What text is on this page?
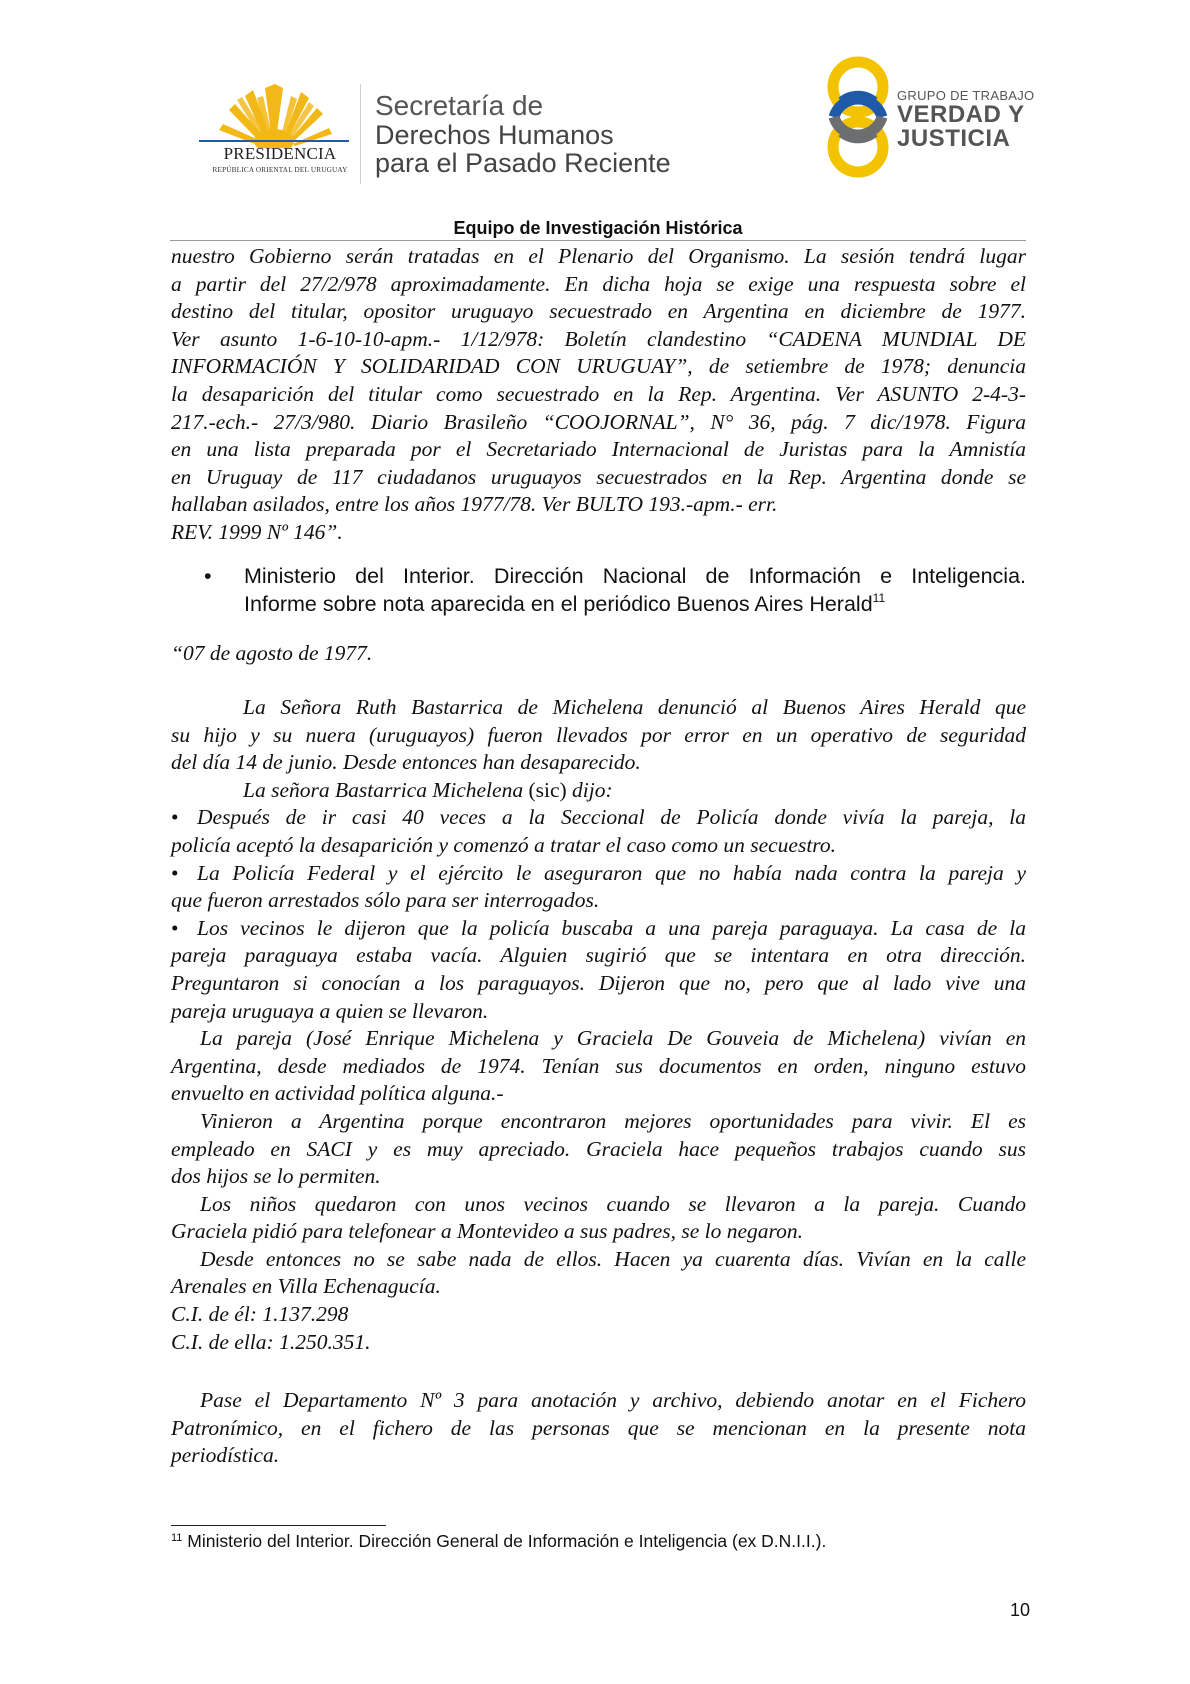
PRESIDENCIA
REPÚBLICA ORIENTAL DEL URUGUAY
Secretaría de
Derechos Humanos
para el Pasado Reciente
GRUPO DE TRABAJO
VERDAD Y
JUSTICIA
Equipo de Investigación Histórica
nuestro Gobierno serán tratadas en el Plenario del Organismo. La sesión tendrá lugar
a partir del 27/2/978 aproximadamente. En dicha hoja se exige una respuesta sobre el
destino del titular, opositor uruguayo secuestrado en Argentina en diciembre de 1977.
Ver asunto 1-6-10-10-apm.- 1/12/978: Boletín clandestino “CADENA MUNDIAL DE
INFORMACIÓN Y SOLIDARIDAD CON URUGUAY”, de setiembre de 1978; denuncia
la desaparición del titular como secuestrado en la Rep. Argentina. Ver ASUNTO 2-4-3-
217.-ech.- 27/3/980. Diario Brasileño “COOJORNAL”, N° 36, pág. 7 dic/1978. Figura
en una lista preparada por el Secretariado Internacional de Juristas para la Amnistía
en Uruguay de 117 ciudadanos uruguayos secuestrados en la Rep. Argentina donde se
hallaban asilados, entre los años 1977/78. Ver BULTO 193.-apm.- err.
REV. 1999 Nº 146”.
• Ministerio del Interior. Dirección Nacional de Información e Inteligencia.
Informe sobre nota aparecida en el periódico Buenos Aires Herald$^{11}$
“07 de agosto de 1977.
La Señora Ruth Bastarrica de Michelena denunció al Buenos Aires Herald que
su hijo y su nuera (uruguayos) fueron llevados por error en un operativo de seguridad
del día 14 de junio. Desde entonces han desaparecido.
La señora Bastarrica Michelena (sic) dijo:
• Después de ir casi 40 veces a la Seccional de Policía donde vivía la pareja, la
policía aceptó la desaparición y comenzó a tratar el caso como un secuestro.
• La Policía Federal y el ejército le aseguraron que no había nada contra la pareja y
que fueron arrestados sólo para ser interrogados.
• Los vecinos le dijeron que la policía buscaba a una pareja paraguaya. La casa de la
pareja paraguaya estaba vacía. Alguien sugirió que se intentara en otra dirección.
Preguntaron si conocían a los paraguayos. Dijeron que no, pero que al lado vive una
pareja uruguaya a quien se llevaron.
La pareja (José Enrique Michelena y Graciela De Gouveia de Michelena) vivían en
Argentina, desde mediados de 1974. Tenían sus documentos en orden, ninguno estuvo
envuelto en actividad política alguna.-
Vinieron a Argentina porque encontraron mejores oportunidades para vivir. El es
empleado en SACI y es muy apreciado. Graciela hace pequeños trabajos cuando sus
dos hijos se lo permiten.
Los niños quedaron con unos vecinos cuando se llevaron a la pareja. Cuando
Graciela pidió para telefonear a Montevideo a sus padres, se lo negaron.
Desde entonces no se sabe nada de ellos. Hacen ya cuarenta días. Vivían en la calle
Arenales en Villa Echenagucía.
C.I. de él: 1.137.298
C.I. de ella: 1.250.351.
Pase el Departamento Nº 3 para anotación y archivo, debiendo anotar en el Fichero
Patronímico, en el fichero de las personas que se mencionan en la presente nota
periodística.
$^{11}$ Ministerio del Interior. Dirección General de Información e Inteligencia (ex D.N.I.I.).
10
